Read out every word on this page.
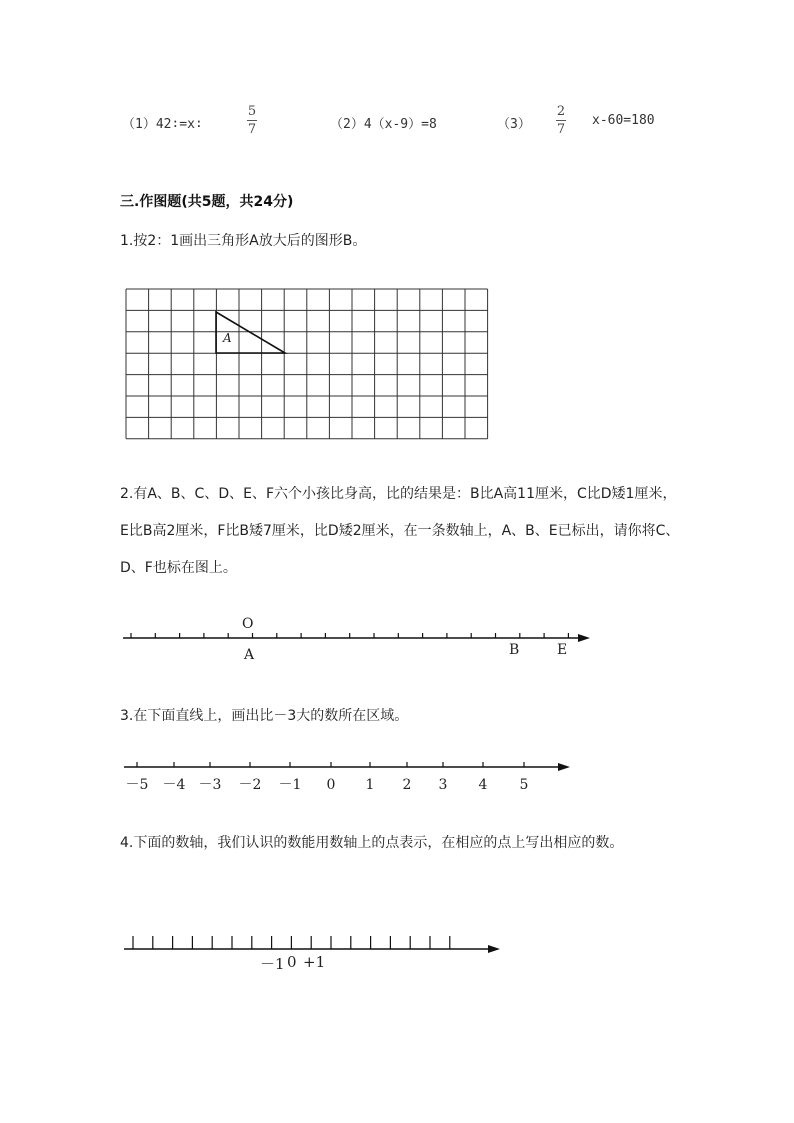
（1）42∶=x∶
5
7	（2）4（x-9）=8	（3）
2
7
x-60=180
三.作图题(共5题，共24分)
1.按2：1画出三角形A放大后的图形B。
A
2.有A、B、C、D、E、F六个小孩比身高，比的结果是：B比A高11厘米，C比D矮1厘米，E比B高2厘米，F比B矮7厘米，比D矮2厘米，在一条数轴上，A、B、E已标出，请你将C、D、F也标在图上。
O
A	B	E
3.在下面直线上，画出比－3大的数所在区域。
－5 －4 －3 －2 －1 0 1 2 3 4 5
4.下面的数轴，我们认识的数能用数轴上的点表示，在相应的点上写出相应的数。
－1 0 +1
